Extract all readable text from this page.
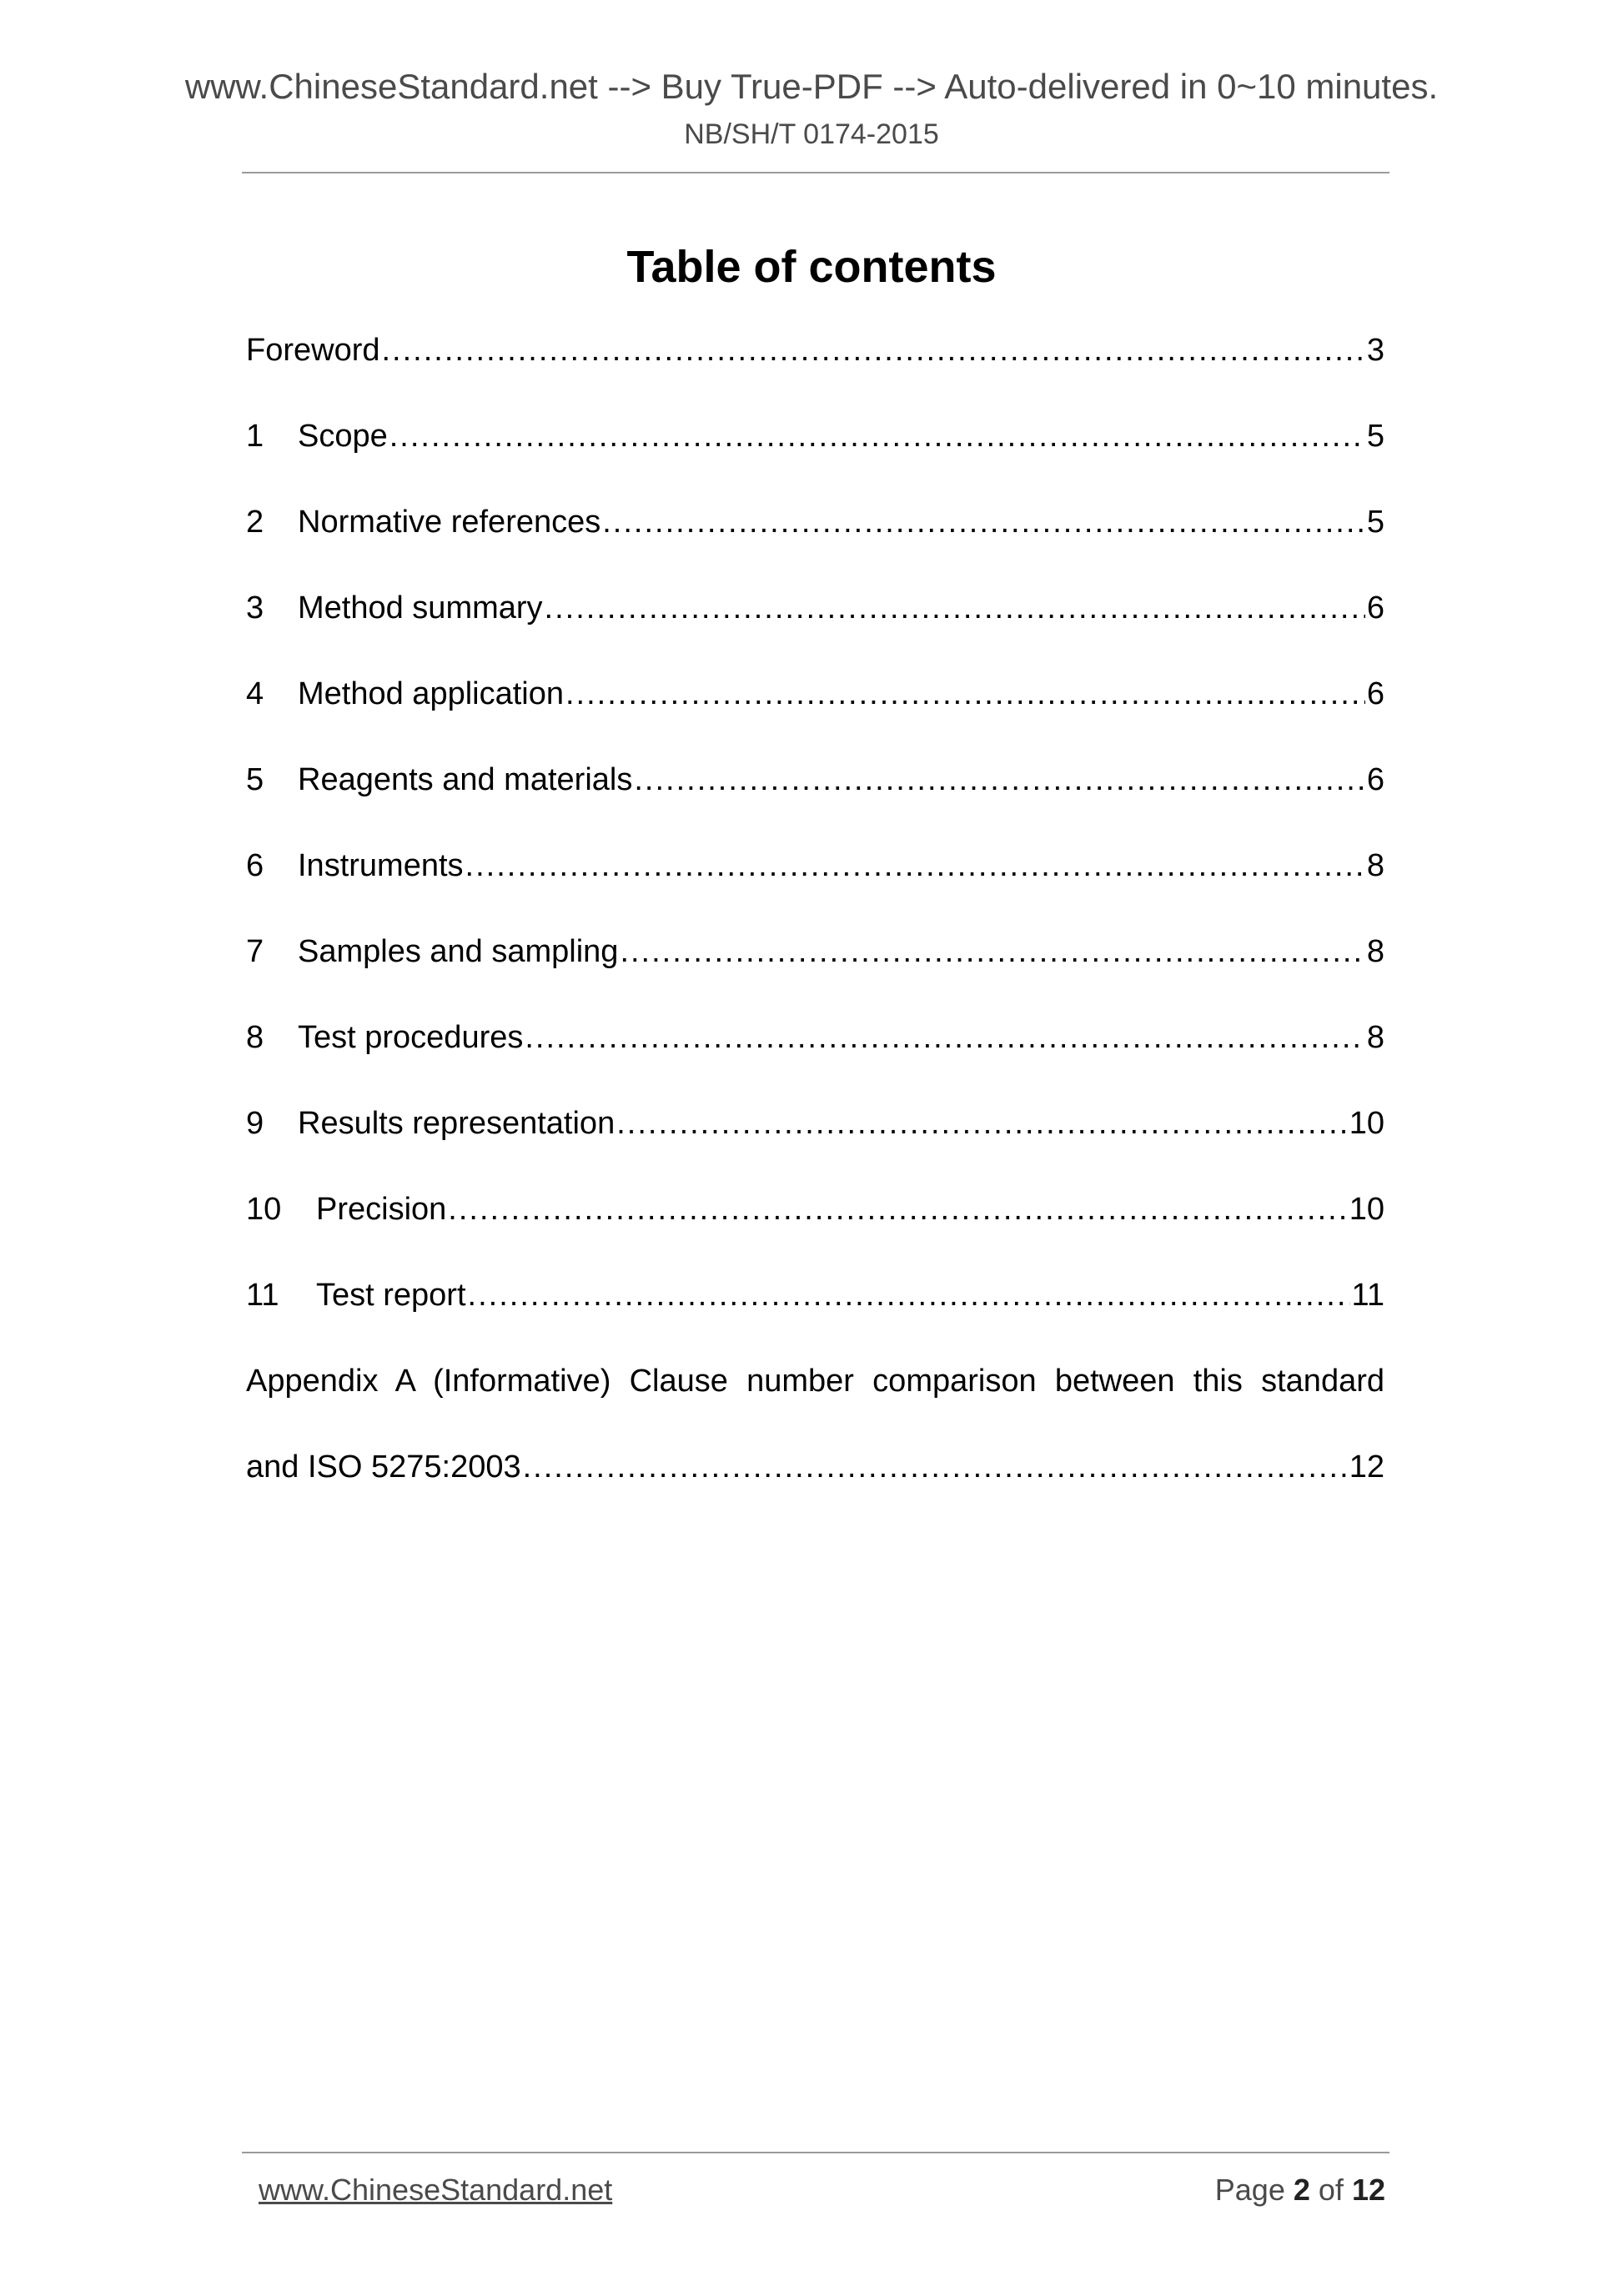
www.ChineseStandard.net --> Buy True-PDF --> Auto-delivered in 0~10 minutes.
NB/SH/T 0174-2015
Table of contents
Foreword .....	3
1	Scope .....	5
2	Normative references .....	5
3	Method summary .....	6
4	Method application .....	6
5	Reagents and materials .....	6
6	Instruments .....	8
7	Samples and sampling .....	8
8	Test procedures .....	8
9	Results representation .....	10
10	Precision .....	10
11	Test report .....	11
Appendix A (Informative) Clause number comparison between this standard
and ISO 5275:2003 .....	12
www.ChineseStandard.net	Page 2 of 12
